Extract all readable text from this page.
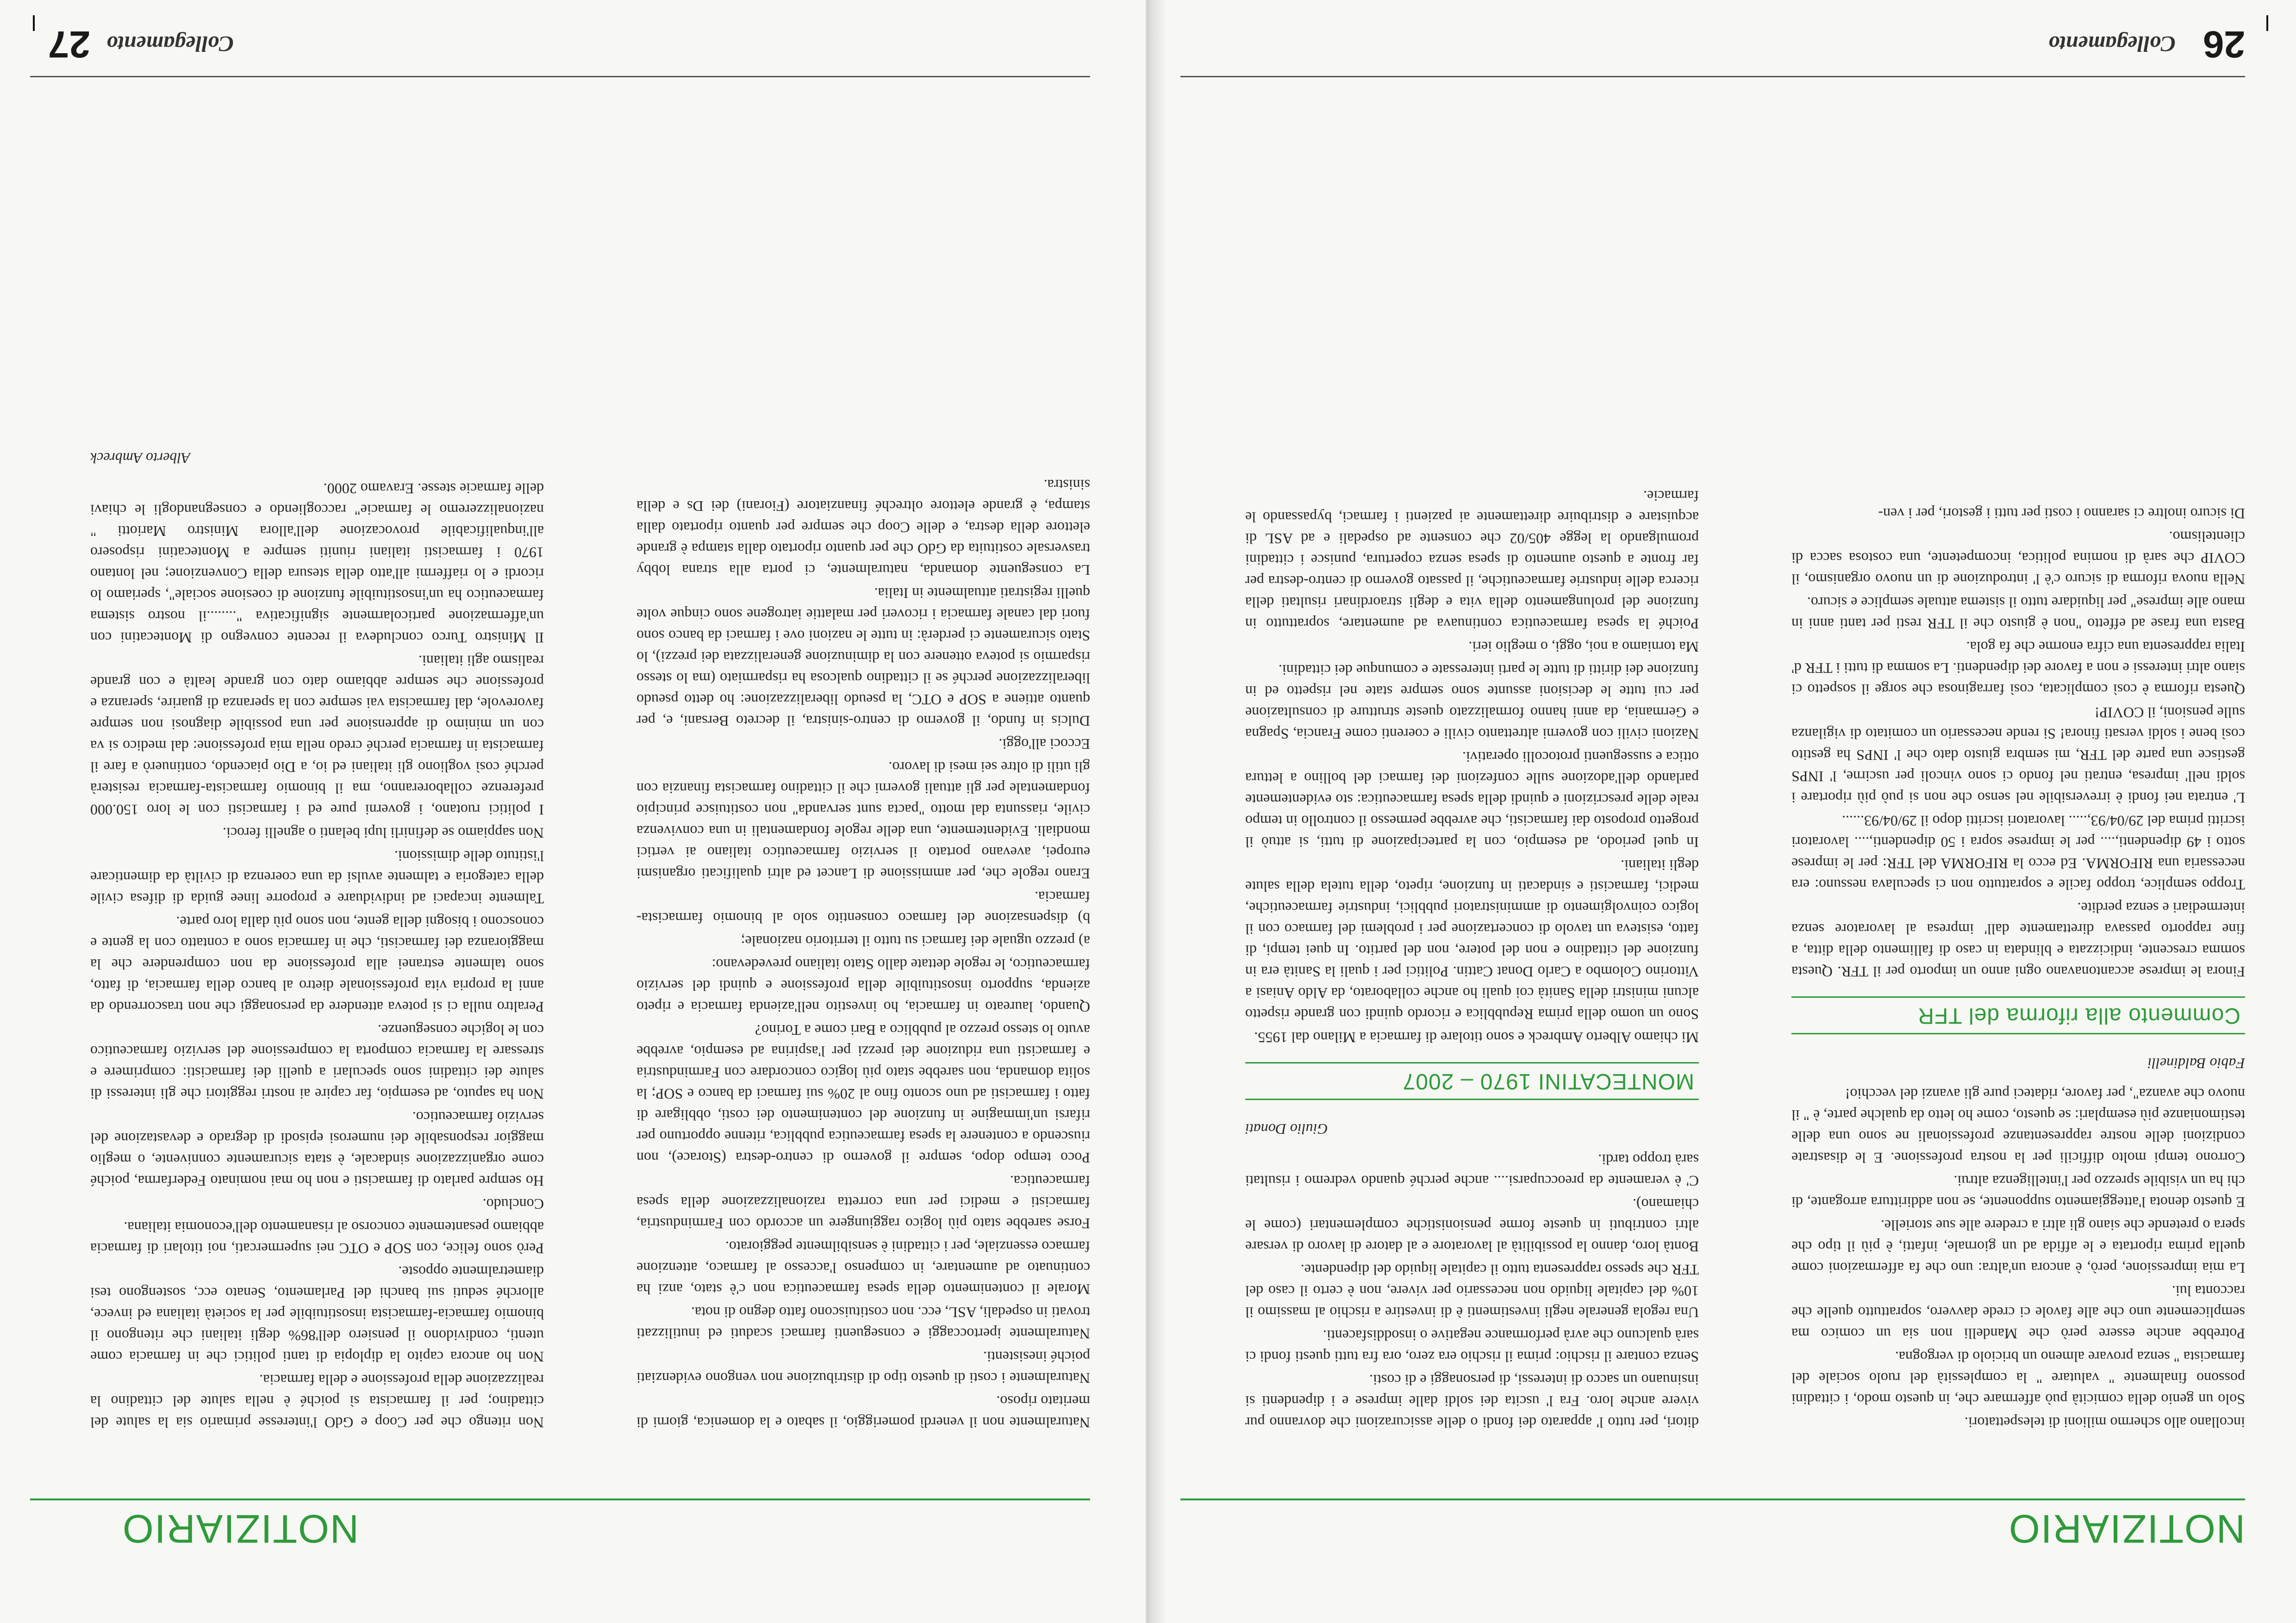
NOTIZIARIO

incollano allo schermo milioni di telespettatori.

Solo un genio della comicità può affermare che, in questo modo, i cittadini possono finalmente " valutare " la complessità del ruolo sociale del farmacista " senza provare almeno un briciolo di vergogna.

Potrebbe anche essere però che Mandelli non sia un comico ma semplicemente uno che alle favole ci crede davvero, soprattutto quelle che racconta lui.

La mia impressione, però, è ancora un'altra: uno che fa affermazioni come quella prima riportata e le affida ad un giornale, infatti, è più il tipo che spera o pretende che siano gli altri a credere alle sue storielle.

E questo denota l'atteggiamento supponente, se non addirittura arrogante, di chi ha un visibile sprezzo per l'intelligenza altrui.

Corrono tempi molto difficili per la nostra professione. E le disastrate condizioni delle nostre rappresentanze professionali ne sono una delle testimonianze più esemplari: se questo, come ho letto da qualche parte, è " il nuovo che avanza", per favore, ridateci pure gli avanzi del vecchio!

Fabio Baldinelli

Commento alla riforma del TFR

Finora le imprese accantonavano ogni anno un importo per il TFR. Questa somma crescente, indicizzata e blindata in caso di fallimento della ditta, a fine rapporto passava direttamente dall' impresa al lavoratore senza intermediari e senza perdite.

Troppo semplice, troppo facile e soprattutto non ci speculava nessuno: era necessaria una RIFORMA. Ed ecco la RIFORMA del TFR: per le imprese sotto i 49 dipendenti,.... per le imprese sopra i 50 dipendenti,.... lavoratori iscritti prima del 29/04/93,..... lavoratori iscritti dopo il 29/04/93......

L' entrata nei fondi è irreversibile nel senso che non si può più riportare i soldi nell' impresa, entrati nel fondo ci sono vincoli per uscirne, l' INPS gestisce una parte del TFR, mi sembra giusto dato che l' INPS ha gestito così bene i soldi versati finora! Si rende necessario un comitato di vigilanza sulle pensioni, il COVIP!

Questa riforma è così complicata, così farraginosa che sorge il sospetto ci siano altri interessi e non a favore dei dipendenti. La somma di tutti i TFR d' Italia rappresenta una cifra enorme che fa gola.

Basta una frase ad effetto "non è giusto che il TFR resti per tanti anni in mano alle imprese" per liquidare tutto il sistema attuale semplice e sicuro.

Nella nuova riforma di sicuro c'è l' introduzione di un nuovo organismo, il COVIP che sarà di nomina politica, incompetente, una costosa sacca di clientelismo.

Di sicuro inoltre ci saranno i costi per tutti i gestori, per i ven-

ditori, per tutto l' apparato dei fondi o delle assicurazioni che dovranno pur vivere anche loro. Fra l' uscita dei soldi dalle imprese e i dipendenti si insinuano un sacco di interessi, di personaggi e di costi.

Senza contare il rischio: prima il rischio era zero, ora fra tutti questi fondi ci sarà qualcuno che avrà performance negative o insoddisfacenti.

Una regola generale negli investimenti è di investire a rischio al massimo il 10% del capitale liquido non necessario per vivere, non è certo il caso del TFR che spesso rappresenta tutto il capitale liquido del dipendente.

Bontà loro, danno la possibilità al lavoratore e al datore di lavoro di versare altri contributi in queste forme pensionistiche complementari (come le chiamano).

C' è veramente da preoccuparsi.... anche perché quando vedremo i risultati sarà troppo tardi.

Giulio Donati

MONTECATINI 1970 – 2007

Mi chiamo Alberto Ambreck e sono titolare di farmacia a Milano dal 1955.

Sono un uomo della prima Repubblica e ricordo quindi con grande rispetto alcuni ministri della Sanità coi quali ho anche collaborato, da Aldo Aniasi a Vittorino Colombo a Carlo Donat Cattin. Politici per i quali la Sanità era in funzione del cittadino e non del potere, non del partito. In quei tempi, di fatto, esisteva un tavolo di concertazione per i problemi del farmaco con il logico coinvolgimento di amministratori pubblici, industrie farmaceutiche, medici, farmacisti e sindacati in funzione, ripeto, della tutela della salute degli italiani.

In quel periodo, ad esempio, con la partecipazione di tutti, si attuò il progetto proposto dai farmacisti, che avrebbe permesso il controllo in tempo reale delle prescrizioni e quindi della spesa farmaceutica: sto evidentemente parlando dell'adozione sulle confezioni dei farmaci del bollino a lettura ottica e susseguenti protocolli operativi.

Nazioni civili con governi altrettanto civili e coerenti come Francia, Spagna e Germania, da anni hanno formalizzato queste strutture di consultazione per cui tutte le decisioni assunte sono sempre state nel rispetto ed in funzione dei diritti di tutte le parti interessate e comunque dei cittadini.

Ma torniamo a noi, oggi, o meglio ieri.

Poiché la spesa farmaceutica continuava ad aumentare, soprattutto in funzione del prolungamento della vita e degli straordinari risultati della ricerca delle industrie farmaceutiche, il passato governo di centro-destra per far fronte a questo aumento di spesa senza copertura, punisce i cittadini promulgando la legge 405/02 che consente ad ospedali e ad ASL di acquistare e distribuire direttamente ai pazienti i farmaci, bypassando le farmacie.

26
Collegamento
NOTIZIARIO

Naturalmente non il venerdì pomeriggio, il sabato e la domenica, giorni di meritato riposo.

Naturalmente i costi di questo tipo di distribuzione non vengono evidenziati poiché inesistenti.

Naturalmente ipertoccaggi e conseguenti farmaci scaduti ed inutilizzati trovati in ospedali, ASL, ecc. non costituiscono fatto degno di nota.

Morale il contenimento della spesa farmaceutica non c'è stato, anzi ha continuato ad aumentare, in compenso l'accesso al farmaco, attenzione farmaco essenziale, per i cittadini è sensibilmente peggiorato.

Forse sarebbe stato più logico raggiungere un accordo con Farmindustria, farmacisti e medici per una corretta razionalizzazione della spesa farmaceutica.

Poco tempo dopo, sempre il governo di centro-destra (Storace), non riuscendo a contenere la spesa farmaceutica pubblica, ritenne opportuno per rifarsi un'immagine in funzione del contenimento dei costi, obbligare di fatto i farmacisti ad uno sconto fino al 20% sui farmaci da banco e SOP; la solita domanda, non sarebbe stato più logico concordare con Farmindustria e farmacisti una riduzione dei prezzi per l'aspirina ad esempio, avrebbe avuto lo stesso prezzo al pubblico a Bari come a Torino?

Quando, laureato in farmacia, ho investito nell'azienda farmacia e ripeto azienda, supporto insostituibile della professione e quindi del servizio farmaceutico, le regole dettate dallo Stato italiano prevedevano:

a) prezzo uguale dei farmaci su tutto il territorio nazionale;

b) dispensazione del farmaco consentito solo al binomio farmacista-farmacia.

Erano regole che, per ammissione di Lancet ed altri qualificati organismi europei, avevano portato il servizio farmaceutico italiano ai vertici mondiali. Evidentemente, una delle regole fondamentali in una convivenza civile, riassunta dal motto "pacta sunt servanda" non costituisce principio fondamentale per gli attuali governi che il cittadino farmacista finanzia con gli utili di oltre sei mesi di lavoro.

Eccoci all'oggi.

Dulcis in fundo, il governo di centro-sinistra, il decreto Bersani, e, per quanto attiene a SOP e OTC, la pseudo liberalizzazione: ho detto pseudo liberalizzazione perché se il cittadino qualcosa ha risparmiato (ma lo stesso risparmio si poteva ottenere con la diminuzione generalizzata dei prezzi), lo Stato sicuramente ci perderà: in tutte le nazioni ove i farmaci da banco sono fuori dal canale farmacia i ricoveri per malattie iatrogene sono cinque volte quelli registrati attualmente in Italia.

La conseguente domanda, naturalmente, ci porta alla strana lobby trasversale costituita da GdO che per quanto riportato dalla stampa è grande elettore della destra, e delle Coop che sempre per quanto riportato dalla stampa, è grande elettore oltreché finanziatore (Fiorani) dei Ds e della sinistra.

Non ritengo che per Coop e GdO l'interesse primario sia la salute del cittadino; per il farmacista sì poiché è nella salute del cittadino la realizzazione della professione e della farmacia.

Non ho ancora capito la diplopia di tanti politici che in farmacia come utenti, condividono il pensiero dell'86% degli italiani che ritengono il binomio farmacia-farmacista insostituibile per la società italiana ed invece, allorché seduti sui banchi del Parlamento, Senato ecc, sostengono tesi diametralmente opposte.

Però sono felice, con SOP e OTC nei supermercati, noi titolari di farmacia abbiamo pesantemente concorso al risanamento dell'economia italiana.

Concludo.

Ho sempre parlato di farmacisti e non ho mai nominato Federfarma, poiché come organizzazione sindacale, è stata sicuramente connivente, o meglio maggior responsabile dei numerosi episodi di degrado e devastazione del servizio farmaceutico.

Non ha saputo, ad esempio, far capire ai nostri reggitori che gli interessi di salute dei cittadini sono speculari a quelli dei farmacisti: comprimere e stressare la farmacia comporta la compressione del servizio farmaceutico con le logiche conseguenze.

Peraltro nulla ci si poteva attendere da personaggi che non trascorrendo da anni la propria vita professionale dietro al banco della farmacia, di fatto, sono talmente estranei alla professione da non comprendere che la maggioranza dei farmacisti, che in farmacia sono a contatto con la gente e conoscono i bisogni della gente, non sono più dalla loro parte.

Talmente incapaci ad individuare e proporre linee guida di difesa civile della categoria e talmente avulsi da una coerenza di civiltà da dimenticare l'istituto delle dimissioni.

Non sappiamo se definirli lupi belanti o agnelli feroci.

I politici ruotano, i governi pure ed i farmacisti con le loro 150.000 preferenze collaboreranno, ma il binomio farmacista-farmacia resisterà perché così vogliono gli italiani ed io, a Dio piacendo, continuerò a fare il farmacista in farmacia perché credo nella mia professione: dal medico si va con un minimo di apprensione per una possibile diagnosi non sempre favorevole, dal farmacista vai sempre con la speranza di guarire, speranza e professione che sempre abbiamo dato con grande lealtà e con grande realismo agli italiani.

Il Ministro Turco concludeva il recente convegno di Montecatini con un'affermazione particolarmente significativa "........il nostro sistema farmaceutico ha un'insostituibile funzione di coesione sociale", speriamo lo ricordi e lo riaffermi all'atto della stesura della Convenzione; nel lontano 1970 i farmacisti italiani riuniti sempre a Montecatini risposero all'inqualificabile provocazione dell'allora Ministro Mariotti " nazionalizzeremo le farmacie" raccogliendo e consegnandogli le chiavi delle farmacie stesse. Eravamo 2000.

Alberto Ambreck

Collegamento
27
